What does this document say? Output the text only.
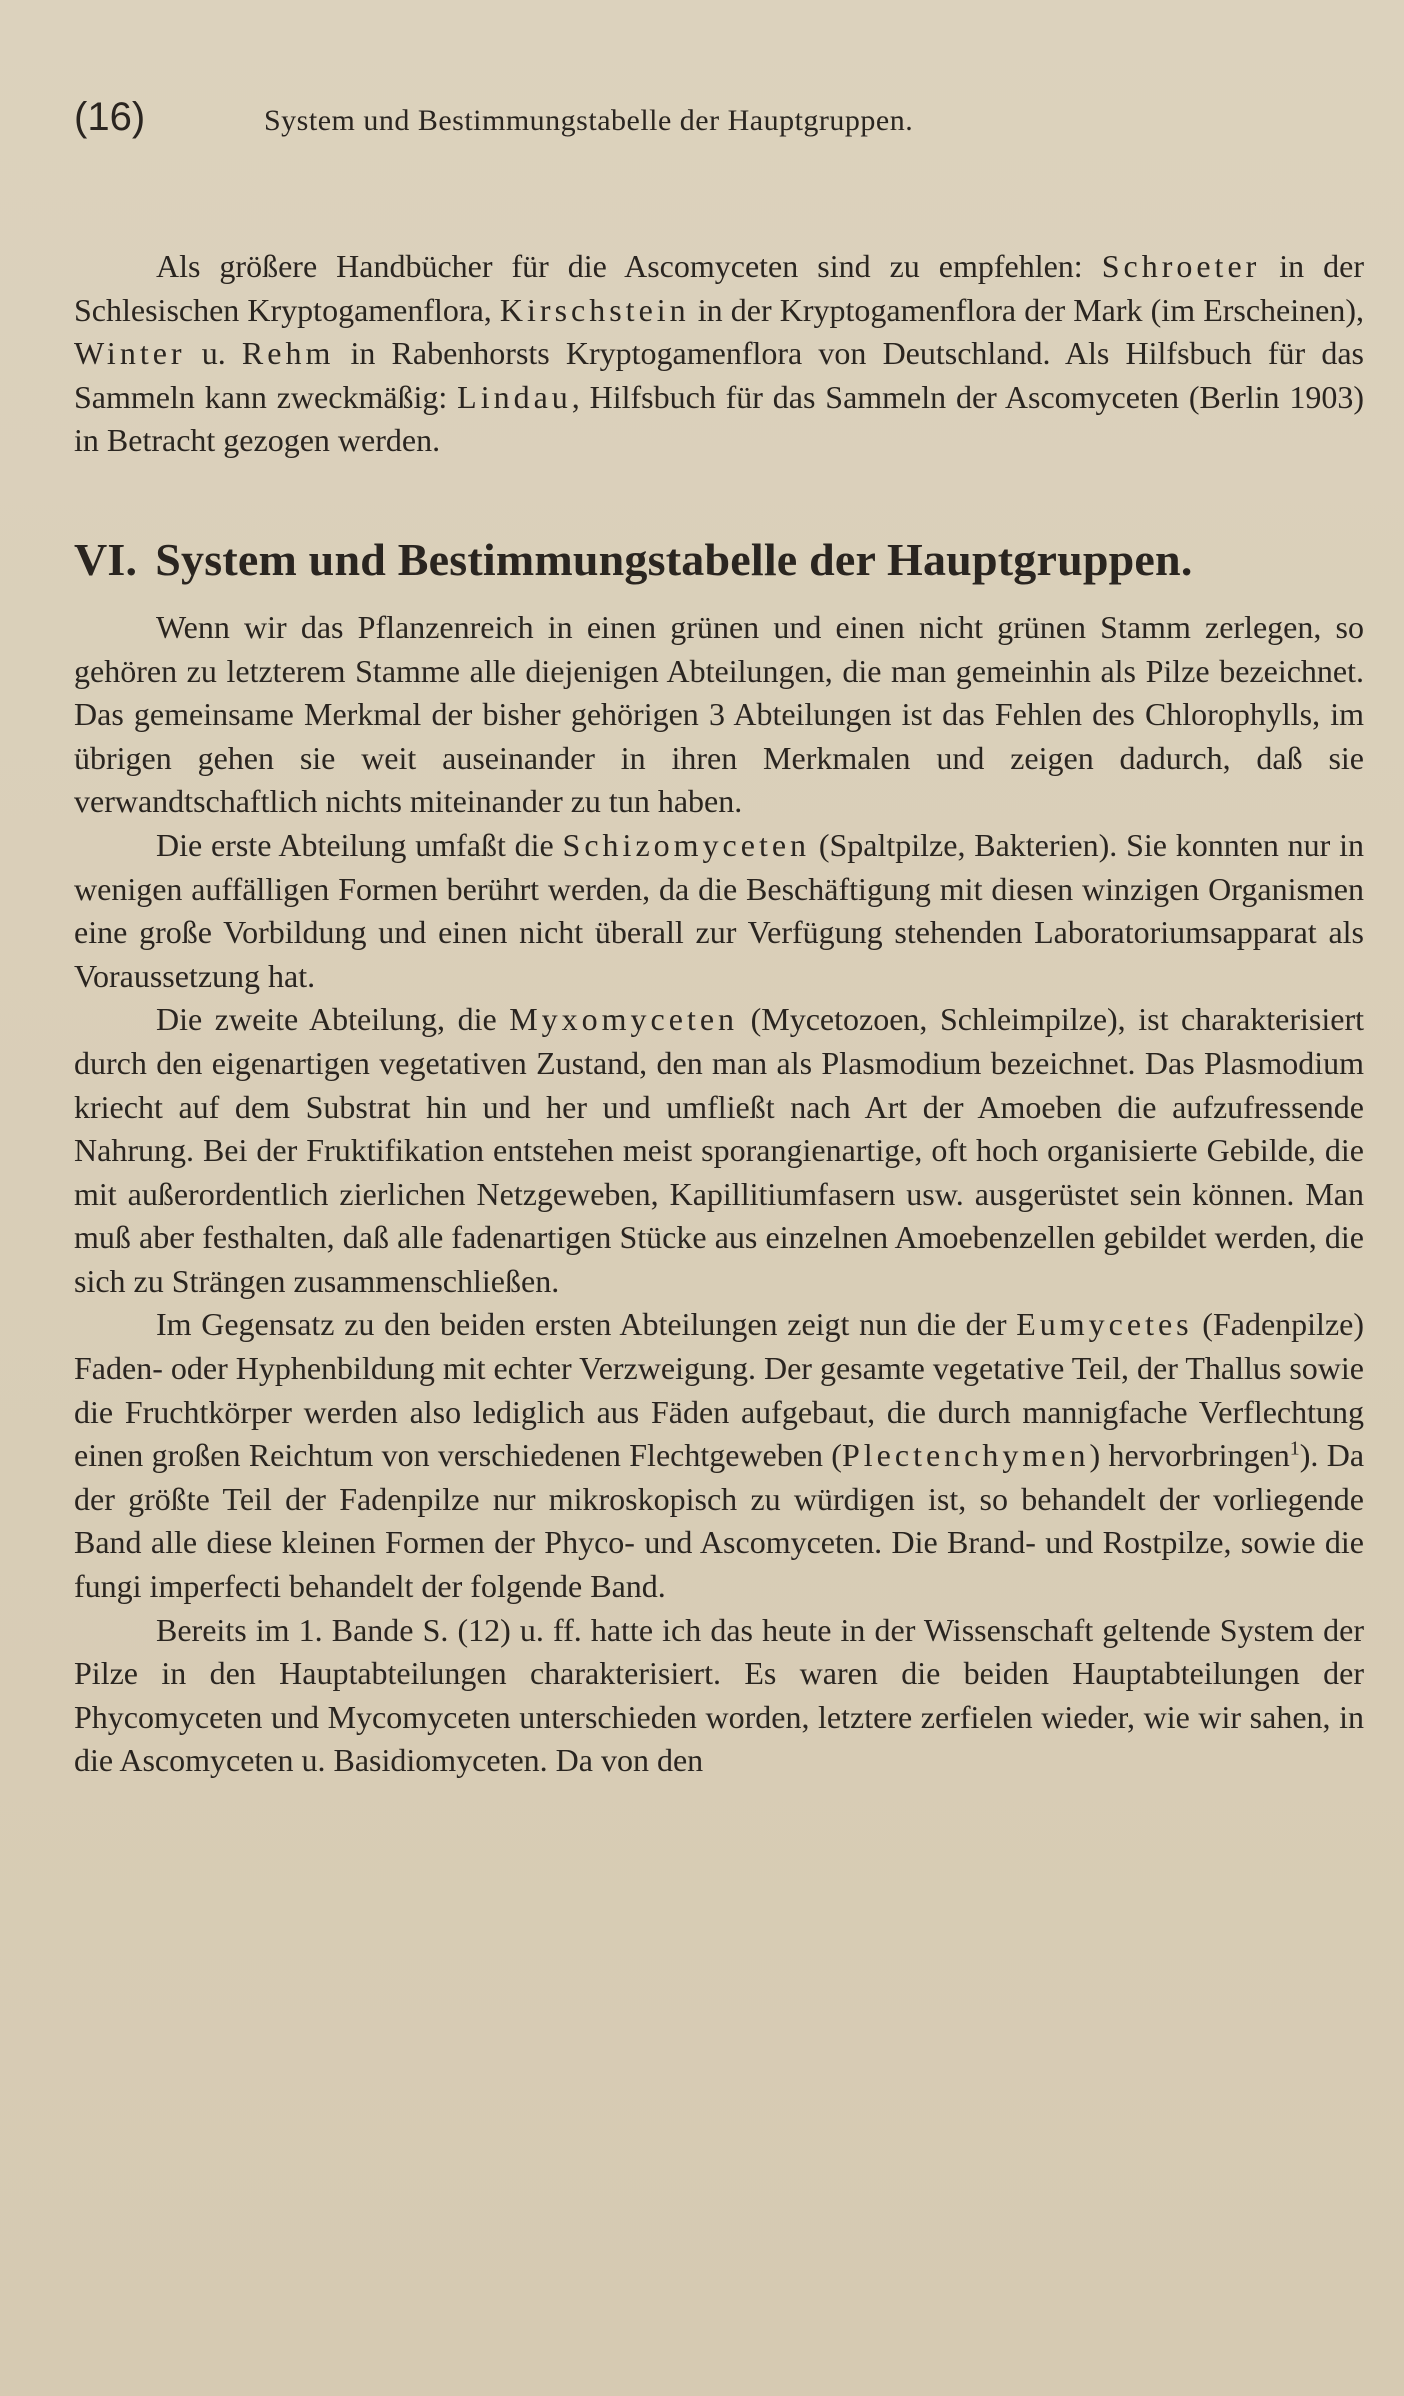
(16)	System und Bestimmungstabelle der Hauptgruppen.

Als größere Handbücher für die Ascomyceten sind zu empfehlen: Schroeter in der Schlesischen Kryptogamenflora, Kirschstein in der Kryptogamenflora der Mark (im Erscheinen), Winter u. Rehm in Rabenhorsts Kryptogamenflora von Deutschland. Als Hilfsbuch für das Sammeln kann zweckmäßig: Lindau, Hilfsbuch für das Sammeln der Ascomyceten (Berlin 1903) in Betracht gezogen werden.

VI. System und Bestimmungstabelle der Hauptgruppen.

Wenn wir das Pflanzenreich in einen grünen und einen nicht grünen Stamm zerlegen, so gehören zu letzterem Stamme alle diejenigen Abteilungen, die man gemeinhin als Pilze bezeichnet. Das gemeinsame Merkmal der bisher gehörigen 3 Abteilungen ist das Fehlen des Chlorophylls, im übrigen gehen sie weit auseinander in ihren Merkmalen und zeigen dadurch, daß sie verwandtschaftlich nichts miteinander zu tun haben.

Die erste Abteilung umfaßt die Schizomyceten (Spaltpilze, Bakterien). Sie konnten nur in wenigen auffälligen Formen berührt werden, da die Beschäftigung mit diesen winzigen Organismen eine große Vorbildung und einen nicht überall zur Verfügung stehenden Laboratoriumsapparat als Voraussetzung hat.

Die zweite Abteilung, die Myxomyceten (Mycetozoen, Schleimpilze), ist charakterisiert durch den eigenartigen vegetativen Zustand, den man als Plasmodium bezeichnet. Das Plasmodium kriecht auf dem Substrat hin und her und umfließt nach Art der Amoeben die aufzufressende Nahrung. Bei der Fruktifikation entstehen meist sporangienartige, oft hoch organisierte Gebilde, die mit außerordentlich zierlichen Netzgeweben, Kapillitiumfasern usw. ausgerüstet sein können. Man muß aber festhalten, daß alle fadenartigen Stücke aus einzelnen Amoebenzellen gebildet werden, die sich zu Strängen zusammenschließen.

Im Gegensatz zu den beiden ersten Abteilungen zeigt nun die der Eumycetes (Fadenpilze) Faden- oder Hyphenbildung mit echter Verzweigung. Der gesamte vegetative Teil, der Thallus sowie die Fruchtkörper werden also lediglich aus Fäden aufgebaut, die durch mannigfache Verflechtung einen großen Reichtum von verschiedenen Flechtgeweben (Plectenchymen) hervorbringen$^1$). Da der größte Teil der Fadenpilze nur mikroskopisch zu würdigen ist, so behandelt der vorliegende Band alle diese kleinen Formen der Phyco- und Ascomyceten. Die Brand- und Rostpilze, sowie die fungi imperfecti behandelt der folgende Band.

Bereits im 1. Bande S. (12) u. ff. hatte ich das heute in der Wissenschaft geltende System der Pilze in den Hauptabteilungen charakterisiert. Es waren die beiden Hauptabteilungen der Phycomyceten und Mycomyceten unterschieden worden, letztere zerfielen wieder, wie wir sahen, in die Ascomyceten u. Basidiomyceten. Da von den
